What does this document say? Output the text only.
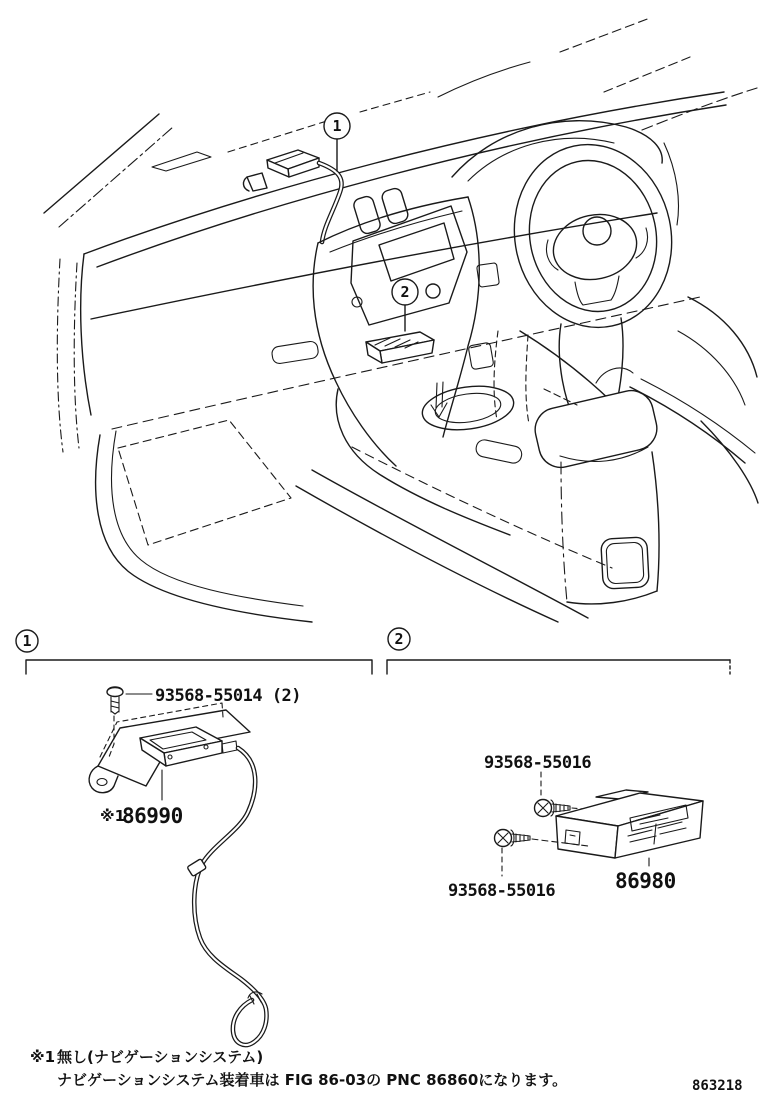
1
2
1
93568-55014 (2)
※1
86990
2
93568-55016
93568-55016	86980
※1 無し(ナビゲーションシステム)
ナビゲーションシステム装着車は FIG 86-03の PNC 86860になります。	863218
